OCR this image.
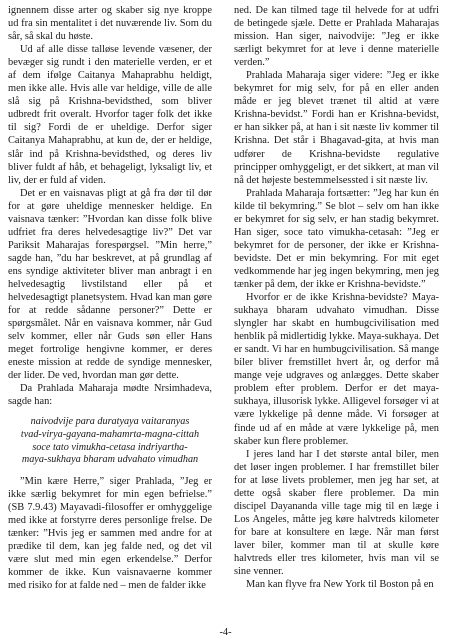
ignennem disse arter og skaber sig nye kroppe ud fra sin mentalitet i det nuværende liv. Som du sår, så skal du høste.

Ud af alle disse talløse levende væsener, der bevæger sig rundt i den materielle verden, er et af dem ifølge Caitanya Mahaprabhu heldigt, men ikke alle. Hvis alle var heldige, ville de alle slå sig på Krishna-bevidsthed, som bliver udbredt frit overalt. Hvorfor tager folk det ikke til sig? Fordi de er uheldige. Derfor siger Caitanya Mahaprabhu, at kun de, der er heldige, slår ind på Krishna-bevidsthed, og deres liv bliver fuldt af håb, et behageligt, lyksaligt liv, et liv, der er fuld af viden.

Det er en vaisnavas pligt at gå fra dør til dør for at gøre uheldige mennesker heldige. En vaisnava tænker: ”Hvordan kan disse folk blive udfriet fra deres helvedesagtige liv?” Det var Pariksit Maharajas forespørgsel. ”Min herre,” sagde han, ”du har beskrevet, at på grundlag af ens syndige aktiviteter bliver man anbragt i en helvedesagtig livstilstand eller på et helvedesagtigt planetsystem. Hvad kan man gøre for at redde sådanne personer?” Dette er spørgsmålet. Når en vaisnava kommer, når Gud selv kommer, eller når Guds søn eller Hans meget fortrolige hengivne kommer, er deres eneste mission at redde de syndige mennesker, der lider. De ved, hvordan man gør dette.

Da Prahlada Maharaja mødte Nrsimhadeva, sagde han:

naivodvije para duratyaya vaitaranyas
tvad-virya-gayana-mahamrta-magna-cittah
soce tato vimukha-cetasa indriyartha-
maya-sukhaya bharam udvahato vimudhan

”Min kære Herre,” siger Prahlada, ”Jeg er ikke særlig bekymret for min egen befrielse.” (SB 7.9.43) Mayavadi-filosoffer er omhyggelige med ikke at forstyrre deres personlige frelse. De tænker: ”Hvis jeg er sammen med andre for at prædike til dem, kan jeg falde ned, og det vil være slut med min egen erkendelse.” Derfor kommer de ikke. Kun vaisnavaerne kommer med risiko for at falde ned – men de falder ikke

ned. De kan tilmed tage til helvede for at udfri de betingede sjæle. Dette er Prahlada Maharajas mission. Han siger, naivodvije: ”Jeg er ikke særligt bekymret for at leve i denne materielle verden.”

Prahlada Maharaja siger videre: ”Jeg er ikke bekymret for mig selv, for på en eller anden måde er jeg blevet trænet til altid at være Krishna-bevidst.” Fordi han er Krishna-bevidst, er han sikker på, at han i sit næste liv kommer til Krishna. Det står i Bhagavad-gita, at hvis man udfører de Krishna-bevidste regulative principper omhyggeligt, er det sikkert, at man vil nå det højeste bestemmelsessted i sit næste liv.

Prahlada Maharaja fortsætter: ”Jeg har kun én kilde til bekymring.” Se blot – selv om han ikke er bekymret for sig selv, er han stadig bekymret. Han siger, soce tato vimukha-cetasah: ”Jeg er bekymret for de personer, der ikke er Krishna-bevidste. Det er min bekymring. For mit eget vedkommende har jeg ingen bekymring, men jeg tænker på dem, der ikke er Krishna-bevidste.”

Hvorfor er de ikke Krishna-bevidste? Maya-sukhaya bharam udvahato vimudhan. Disse slyngler har skabt en humbugcivilisation med henblik på midlertidig lykke. Maya-sukhaya. Det er sandt. Vi har en humbugcivilisation. Så mange biler bliver fremstillet hvert år, og derfor må mange veje udgraves og anlægges. Dette skaber problem efter problem. Derfor er det maya-sukhaya, illusorisk lykke. Alligevel forsøger vi at være lykkelige på denne måde. Vi forsøger at finde ud af en måde at være lykkelige på, men skaber kun flere problemer.

I jeres land har I det største antal biler, men det løser ingen problemer. I har fremstillet biler for at løse livets problemer, men jeg har set, at dette også skaber flere problemer. Da min discipel Dayananda ville tage mig til en læge i Los Angeles, måtte jeg køre halvtreds kilometer for bare at konsultere en læge. Når man først laver biler, kommer man til at skulle køre halvtreds eller tres kilometer, hvis man vil se sine venner.

Man kan flyve fra New York til Boston på en

-4-
